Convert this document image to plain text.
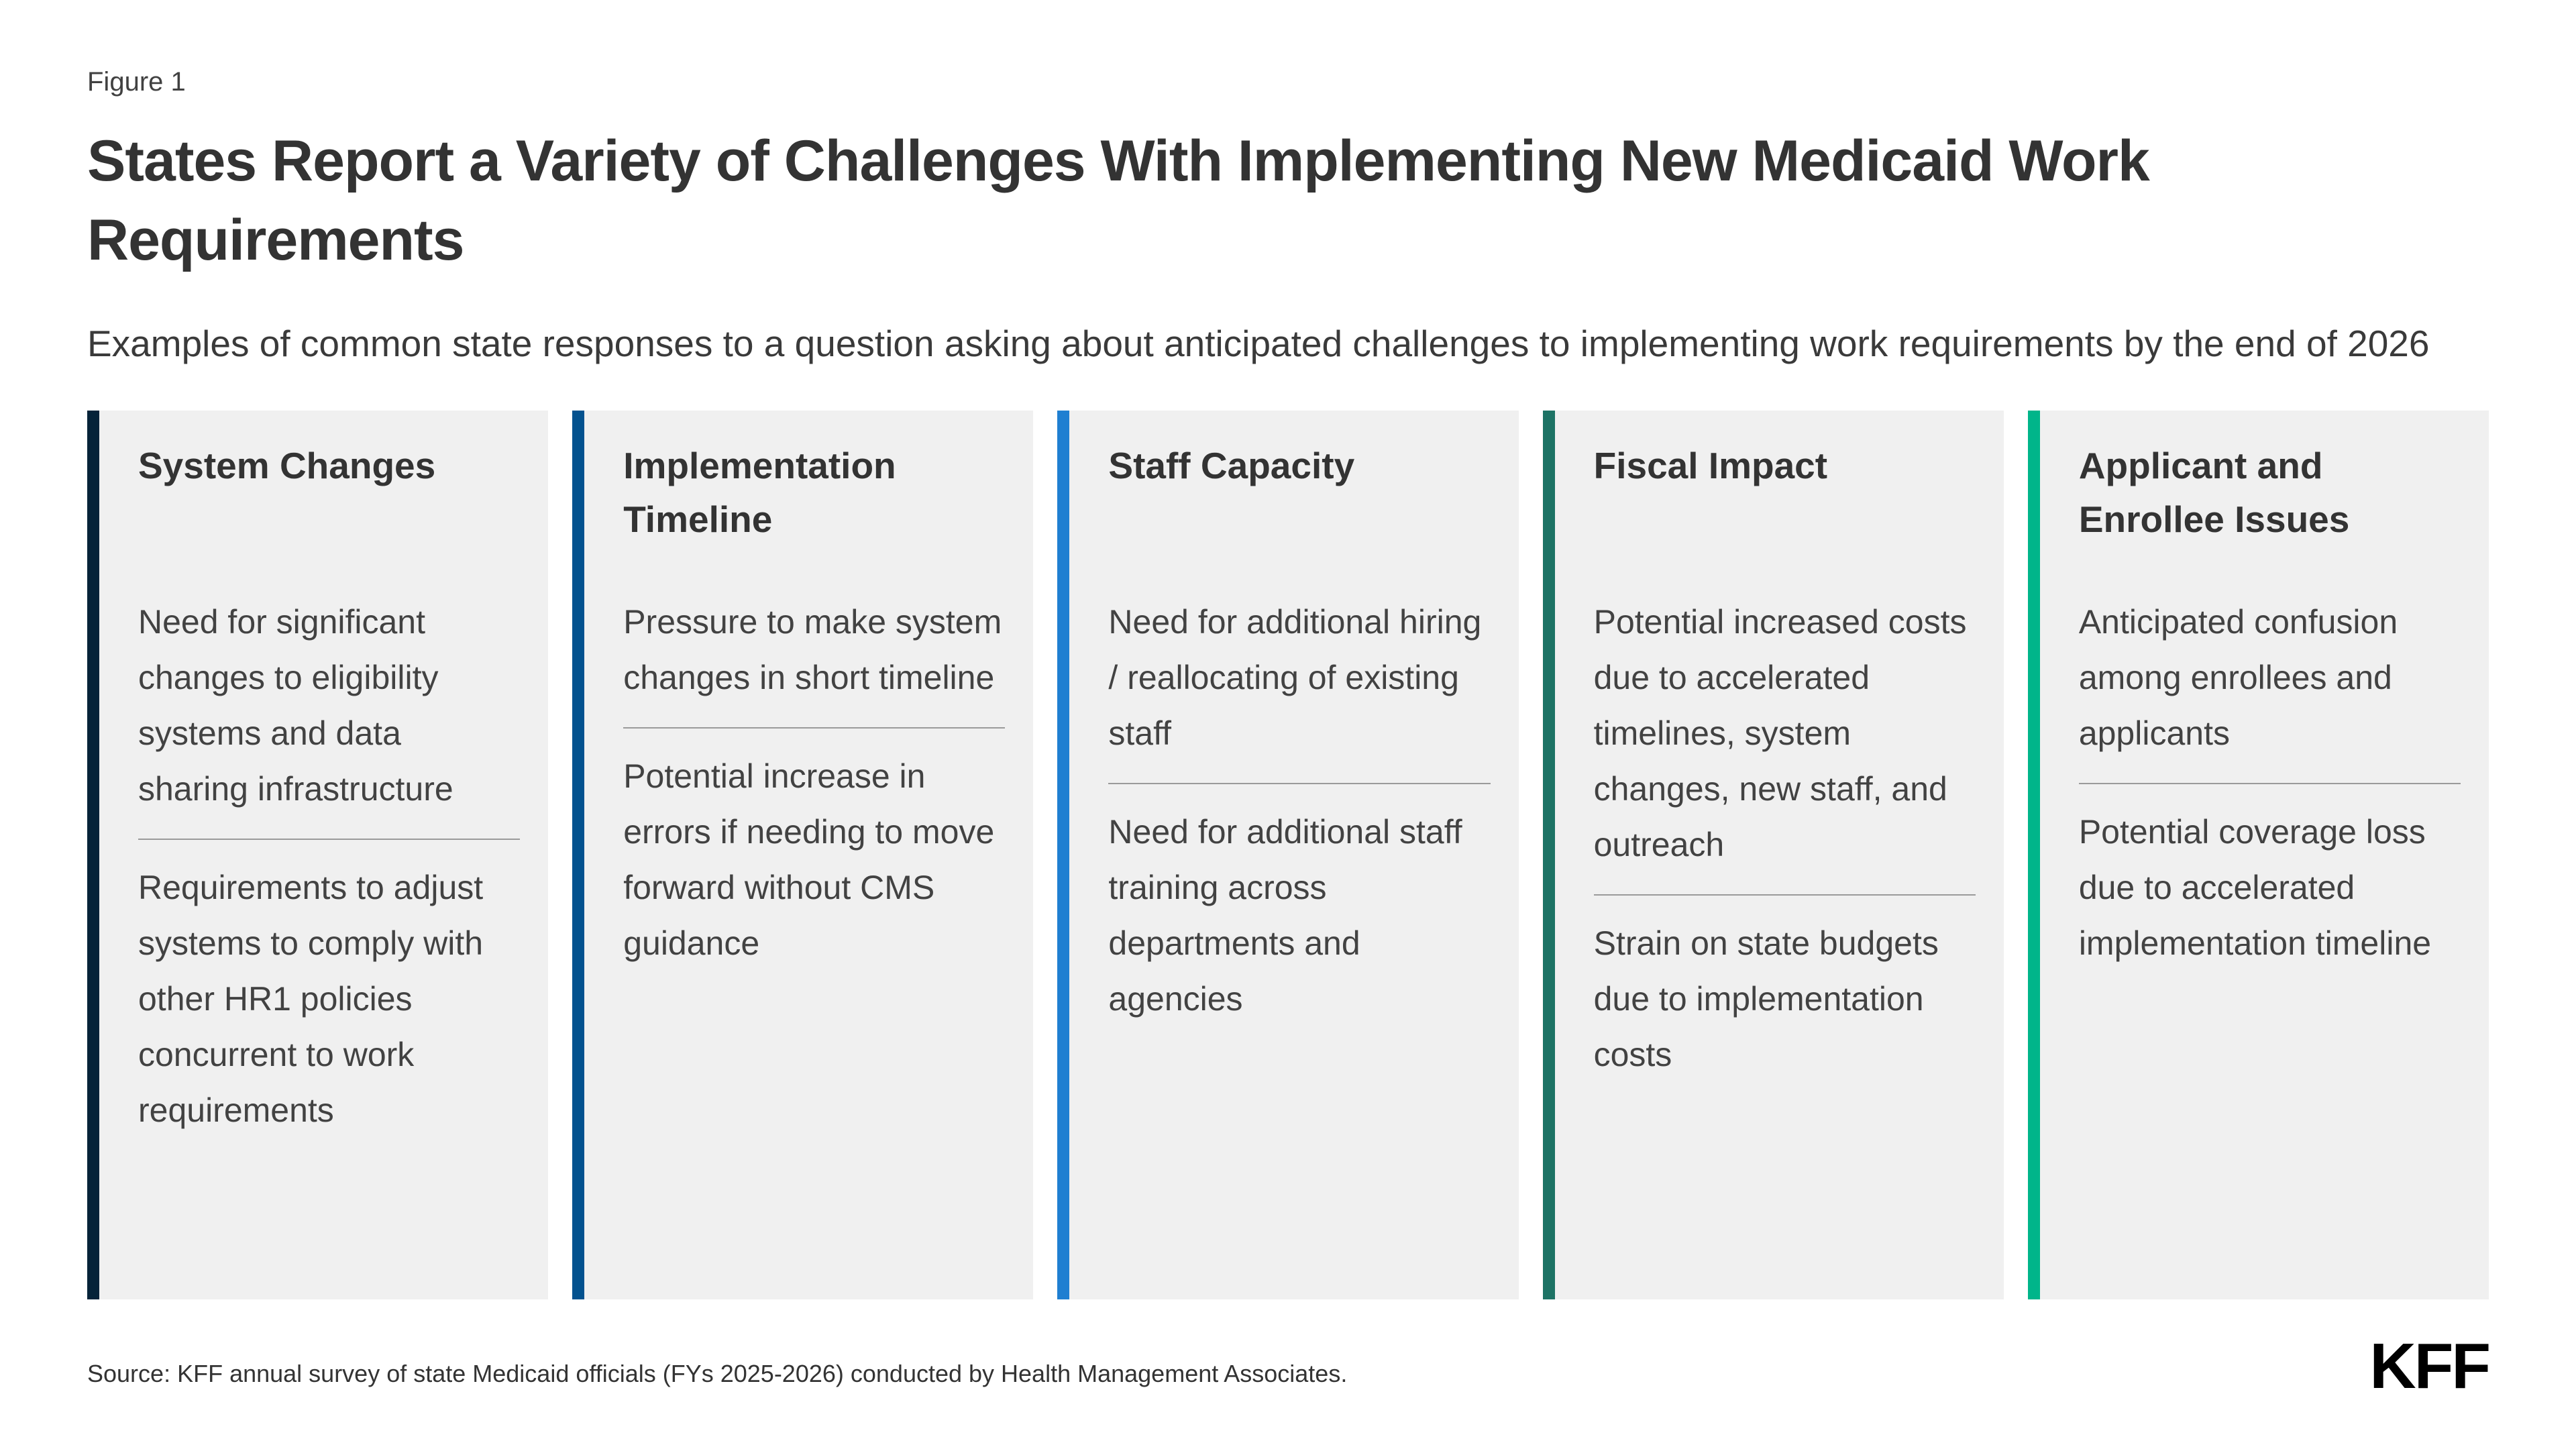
Figure 1
States Report a Variety of Challenges With Implementing New Medicaid Work Requirements
Examples of common state responses to a question asking about anticipated challenges to implementing work requirements by the end of 2026

System Changes

Need for significant changes to eligibility systems and data sharing infrastructure

Requirements to adjust systems to comply with other HR1 policies concurrent to work requirements

Implementation Timeline

Pressure to make system changes in short timeline

Potential increase in errors if needing to move forward without CMS guidance

Staff Capacity

Need for additional hiring / reallocating of existing staff

Need for additional staff training across departments and agencies

Fiscal Impact

Potential increased costs due to accelerated timelines, system changes, new staff, and outreach

Strain on state budgets due to implementation costs

Applicant and Enrollee Issues

Anticipated confusion among enrollees and applicants

Potential coverage loss due to accelerated implementation timeline

Source: KFF annual survey of state Medicaid officials (FYs 2025-2026) conducted by Health Management Associates.	KFF
